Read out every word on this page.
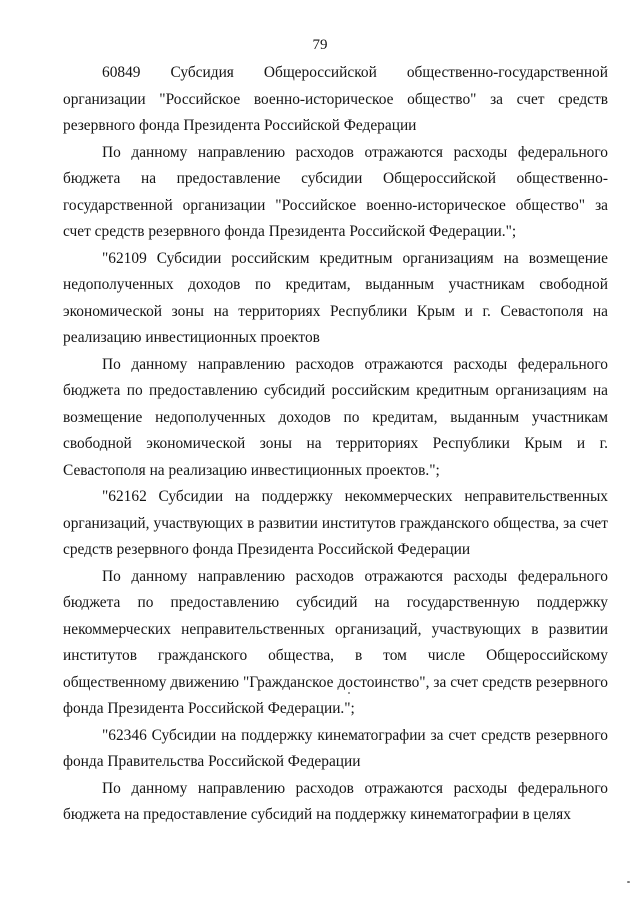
79

60849 Субсидия Общероссийской общественно-государственной организации "Российское военно-историческое общество" за счет средств резервного фонда Президента Российской Федерации

По данному направлению расходов отражаются расходы федерального бюджета на предоставление субсидии Общероссийской общественно-государственной организации "Российское военно-историческое общество" за счет средств резервного фонда Президента Российской Федерации.";

"62109 Субсидии российским кредитным организациям на возмещение недополученных доходов по кредитам, выданным участникам свободной экономической зоны на территориях Республики Крым и г. Севастополя на реализацию инвестиционных проектов

По данному направлению расходов отражаются расходы федерального бюджета по предоставлению субсидий российским кредитным организациям на возмещение недополученных доходов по кредитам, выданным участникам свободной экономической зоны на территориях Республики Крым и г. Севастополя на реализацию инвестиционных проектов.";

"62162 Субсидии на поддержку некоммерческих неправительственных организаций, участвующих в развитии институтов гражданского общества, за счет средств резервного фонда Президента Российской Федерации

По данному направлению расходов отражаются расходы федерального бюджета по предоставлению субсидий на государственную поддержку некоммерческих неправительственных организаций, участвующих в развитии институтов гражданского общества, в том числе Общероссийскому общественному движению "Гражданское достоинство", за счет средств резервного фонда Президента Российской Федерации.";

"62346 Субсидии на поддержку кинематографии за счет средств резервного фонда Правительства Российской Федерации

По данному направлению расходов отражаются расходы федерального бюджета на предоставление субсидий на поддержку кинематографии в целях
